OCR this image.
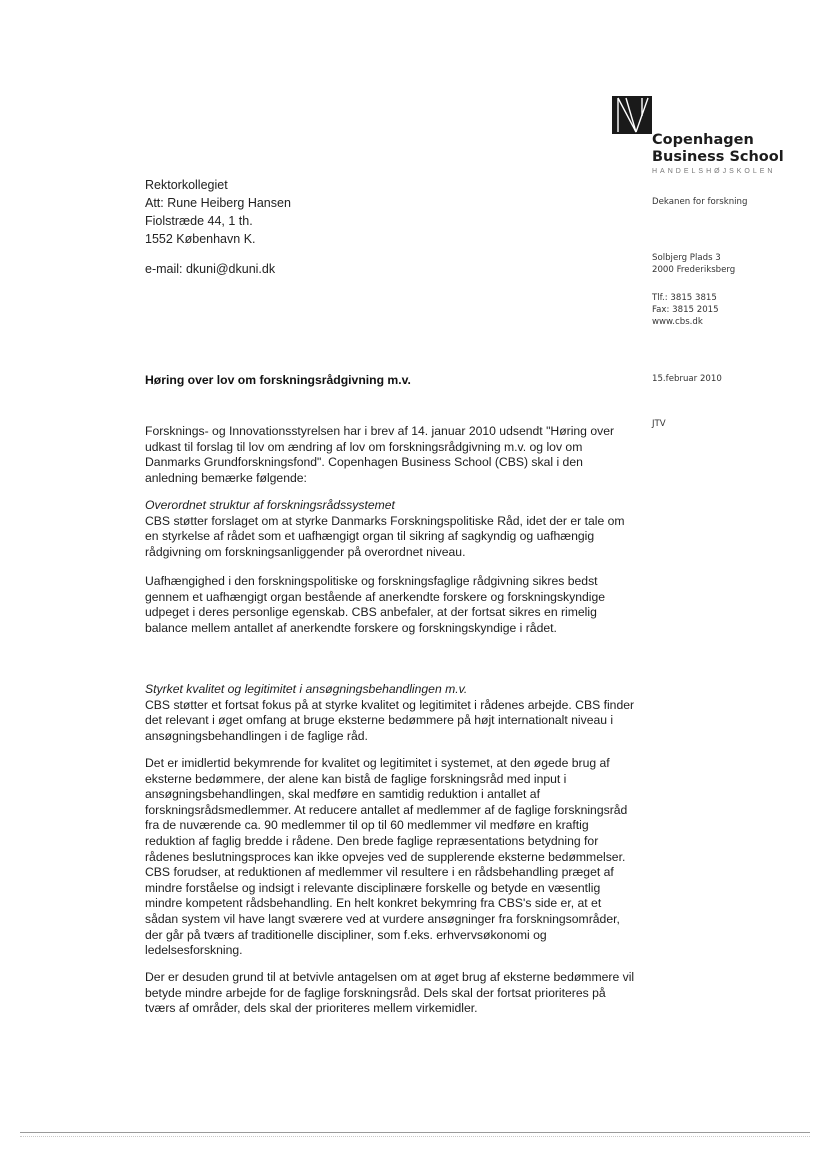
Copenhagen
Business School
HANDELSHØJSKOLEN
Dekanen for forskning
Solbjerg Plads 3
2000 Frederiksberg
Tlf.: 3815 3815
Fax: 3815 2015
www.cbs.dk
15.februar 2010
JTV
Rektorkollegiet
Att: Rune Heiberg Hansen
Fiolstræde 44, 1 th.
1552 København K.
e-mail: dkuni@dkuni.dk
Høring over lov om forskningsrådgivning m.v.

Forsknings- og Innovationsstyrelsen har i brev af 14. januar 2010 udsendt "Høring over udkast til forslag til lov om ændring af lov om forskningsrådgivning m.v. og lov om Danmarks Grundforskningsfond". Copenhagen Business School (CBS) skal i den anledning bemærke følgende:

Overordnet struktur af forskningsrådssystemet

CBS støtter forslaget om at styrke Danmarks Forskningspolitiske Råd, idet der er tale om en styrkelse af rådet som et uafhængigt organ til sikring af sagkyndig og uafhængig rådgivning om forskningsanliggender på overordnet niveau.

Uafhængighed i den forskningspolitiske og forskningsfaglige rådgivning sikres bedst gennem et uafhængigt organ bestående af anerkendte forskere og forskningskyndige udpeget i deres personlige egenskab. CBS anbefaler, at der fortsat sikres en rimelig balance mellem antallet af anerkendte forskere og forskningskyndige i rådet.

Styrket kvalitet og legitimitet i ansøgningsbehandlingen m.v.

CBS støtter et fortsat fokus på at styrke kvalitet og legitimitet i rådenes arbejde. CBS finder det relevant i øget omfang at bruge eksterne bedømmere på højt internationalt niveau i ansøgningsbehandlingen i de faglige råd.

Det er imidlertid bekymrende for kvalitet og legitimitet i systemet, at den øgede brug af eksterne bedømmere, der alene kan bistå de faglige forskningsråd med input i ansøgningsbehandlingen, skal medføre en samtidig reduktion i antallet af forskningsrådsmedlemmer. At reducere antallet af medlemmer af de faglige forskningsråd fra de nuværende ca. 90 medlemmer til op til 60 medlemmer vil medføre en kraftig reduktion af faglig bredde i rådene. Den brede faglige repræsentations betydning for rådenes beslutningsproces kan ikke opvejes ved de supplerende eksterne bedømmelser. CBS forudser, at reduktionen af medlemmer vil resultere i en rådsbehandling præget af mindre forståelse og indsigt i relevante disciplinære forskelle og betyde en væsentlig mindre kompetent rådsbehandling. En helt konkret bekymring fra CBS's side er, at et sådan system vil have langt sværere ved at vurdere ansøgninger fra forskningsområder, der går på tværs af traditionelle discipliner, som f.eks. erhvervsøkonomi og ledelsesforskning.

Der er desuden grund til at betvivle antagelsen om at øget brug af eksterne bedømmere vil betyde mindre arbejde for de faglige forskningsråd. Dels skal der fortsat prioriteres på tværs af områder, dels skal der prioriteres mellem virkemidler.
